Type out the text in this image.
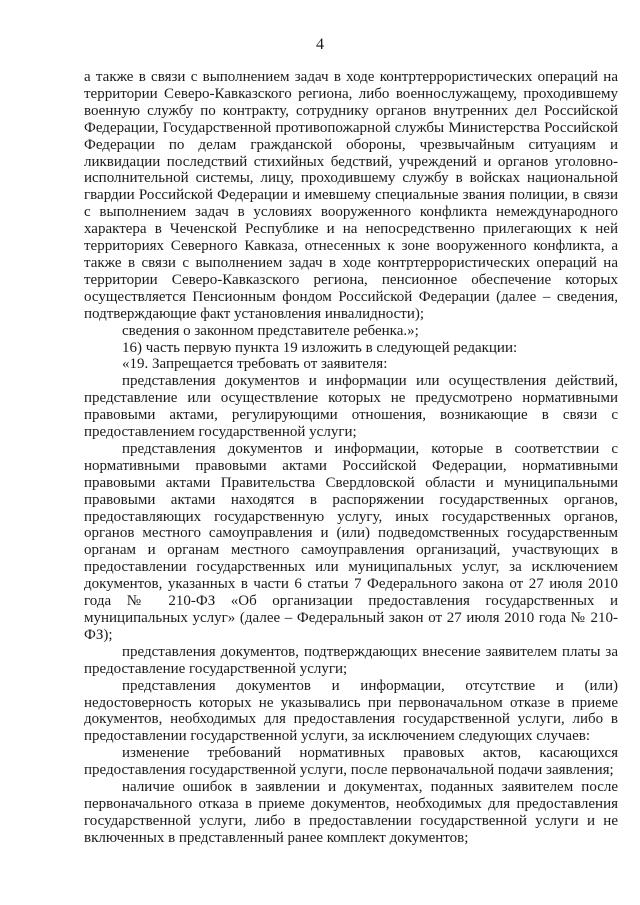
4

а также в связи с выполнением задач в ходе контртеррористических операций на территории Северо-Кавказского региона, либо военнослужащему, проходившему военную службу по контракту, сотруднику органов внутренних дел Российской Федерации, Государственной противопожарной службы Министерства Российской Федерации по делам гражданской обороны, чрезвычайным ситуациям и ликвидации последствий стихийных бедствий, учреждений и органов уголовно-исполнительной системы, лицу, проходившему службу в войсках национальной гвардии Российской Федерации и имевшему специальные звания полиции, в связи с выполнением задач в условиях вооруженного конфликта немеждународного характера в Чеченской Республике и на непосредственно прилегающих к ней территориях Северного Кавказа, отнесенных к зоне вооруженного конфликта, а также в связи с выполнением задач в ходе контртеррористических операций на территории Северо-Кавказского региона, пенсионное обеспечение которых осуществляется Пенсионным фондом Российской Федерации (далее – сведения, подтверждающие факт установления инвалидности);

сведения о законном представителе ребенка.»;

16) часть первую пункта 19 изложить в следующей редакции:

«19. Запрещается требовать от заявителя:

представления документов и информации или осуществления действий, представление или осуществление которых не предусмотрено нормативными правовыми актами, регулирующими отношения, возникающие в связи с предоставлением государственной услуги;

представления документов и информации, которые в соответствии с нормативными правовыми актами Российской Федерации, нормативными правовыми актами Правительства Свердловской области и муниципальными правовыми актами находятся в распоряжении государственных органов, предоставляющих государственную услугу, иных государственных органов, органов местного самоуправления и (или) подведомственных государственным органам и органам местного самоуправления организаций, участвующих в предоставлении государственных или муниципальных услуг, за исключением документов, указанных в части 6 статьи 7 Федерального закона от 27 июля 2010 года № 210-ФЗ «Об организации предоставления государственных и муниципальных услуг» (далее – Федеральный закон от 27 июля 2010 года № 210-ФЗ);

представления документов, подтверждающих внесение заявителем платы за предоставление государственной услуги;

представления документов и информации, отсутствие и (или) недостоверность которых не указывались при первоначальном отказе в приеме документов, необходимых для предоставления государственной услуги, либо в предоставлении государственной услуги, за исключением следующих случаев:

изменение требований нормативных правовых актов, касающихся предоставления государственной услуги, после первоначальной подачи заявления;

наличие ошибок в заявлении и документах, поданных заявителем после первоначального отказа в приеме документов, необходимых для предоставления государственной услуги, либо в предоставлении государственной услуги и не включенных в представленный ранее комплект документов;
